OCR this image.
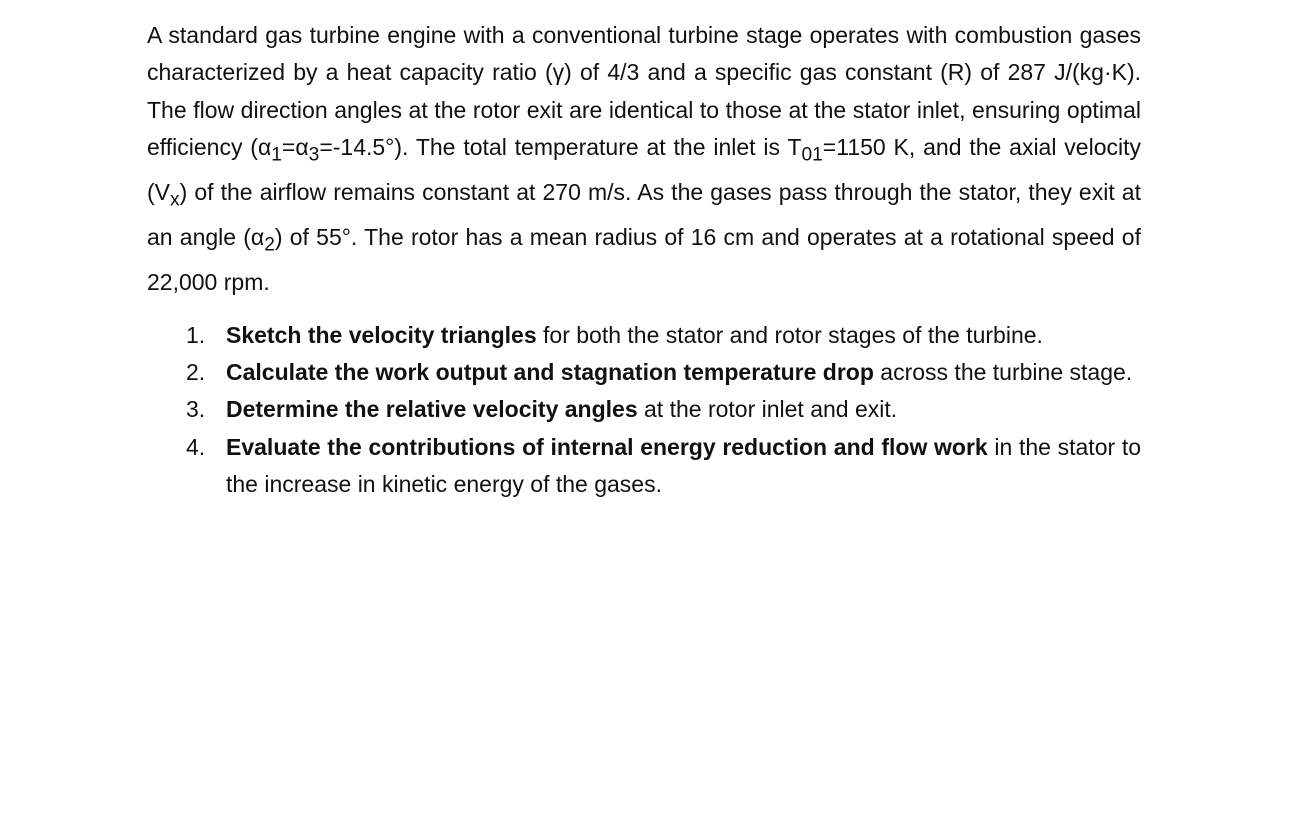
A standard gas turbine engine with a conventional turbine stage operates with combustion gases characterized by a heat capacity ratio (γ) of 4/3 and a specific gas constant (R) of 287 J/(kg·K). The flow direction angles at the rotor exit are identical to those at the stator inlet, ensuring optimal efficiency $(\alpha_1=\alpha_3=-14.5^\circ)$. The total temperature at the inlet is $T_{01}=1150$ K, and the axial velocity $(V_x)$ of the airflow remains constant at 270 m/s. As the gases pass through the stator, they exit at an angle $(\alpha_2)$ of 55°. The rotor has a mean radius of 16 cm and operates at a rotational speed of 22,000 rpm.

1. Sketch the velocity triangles for both the stator and rotor stages of the turbine.
2. Calculate the work output and stagnation temperature drop across the turbine stage.
3. Determine the relative velocity angles at the rotor inlet and exit.
4. Evaluate the contributions of internal energy reduction and flow work in the stator to the increase in kinetic energy of the gases.
